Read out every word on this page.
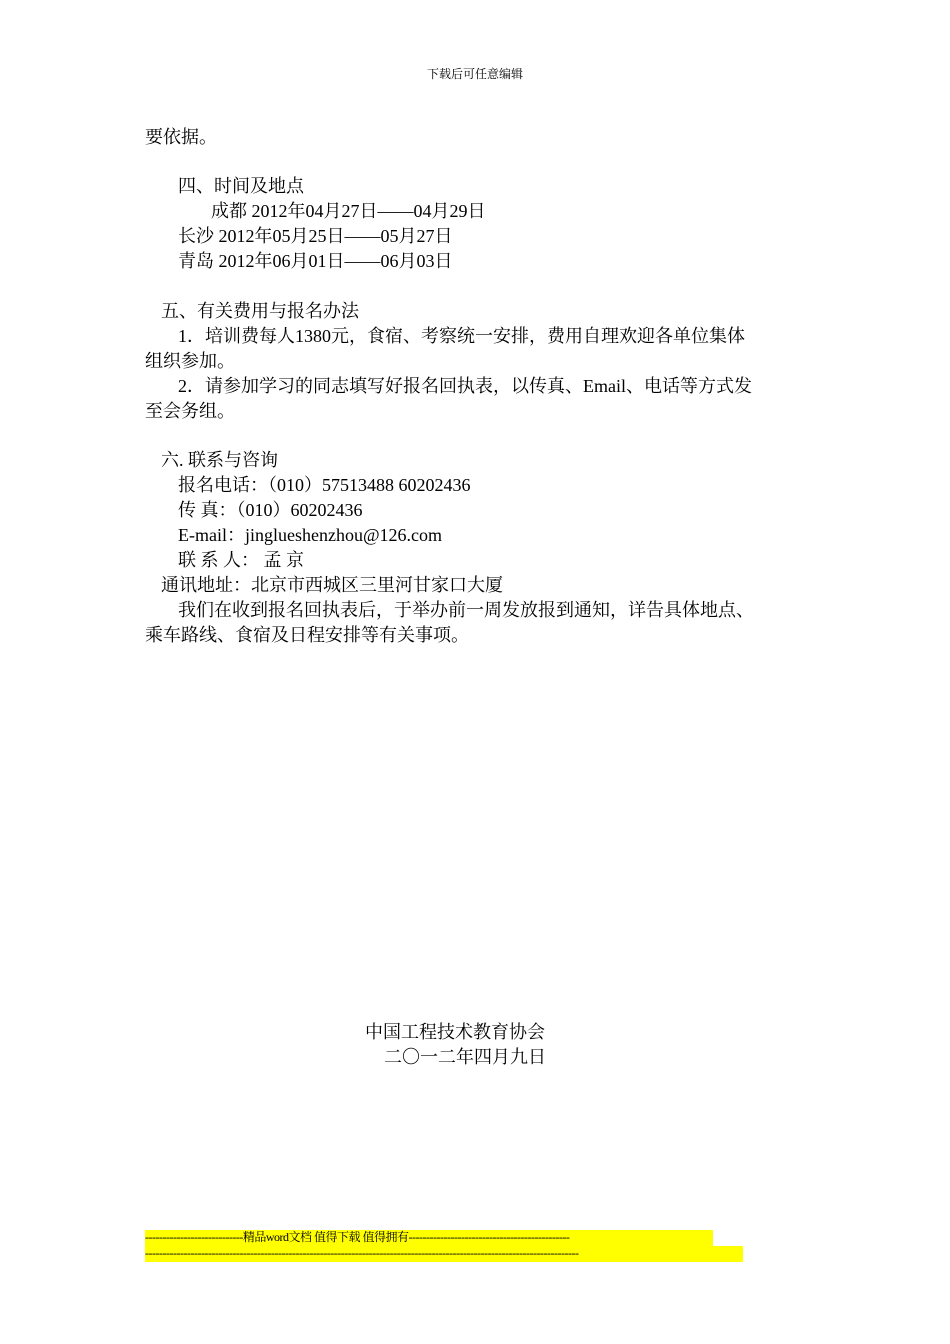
下载后可任意编辑
要依据。
四、时间及地点
成都 2012年04月27日——04月29日
长沙 2012年05月25日——05月27日
青岛 2012年06月01日——06月03日
五、有关费用与报名办法
1．培训费每人1380元，食宿、考察统一安排，费用自理欢迎各单位集体
组织参加。
2．请参加学习的同志填写好报名回执表，以传真、Email、电话等方式发
至会务组。
六. 联系与咨询
报名电话：（010）57513488 60202436
传 真：（010）60202436
E-mail：jinglueshenzhou@126.com
联 系 人： 孟 京
通讯地址：北京市西城区三里河甘家口大厦
我们在收到报名回执表后，于举办前一周发放报到通知，详告具体地点、
乘车路线、食宿及日程安排等有关事项。
中国工程技术教育协会
二〇一二年四月九日
----------------------------精品word文档 值得下载 值得拥有----------------------------------------------
----------------------------------------------------------------------------------------------------------------------------
